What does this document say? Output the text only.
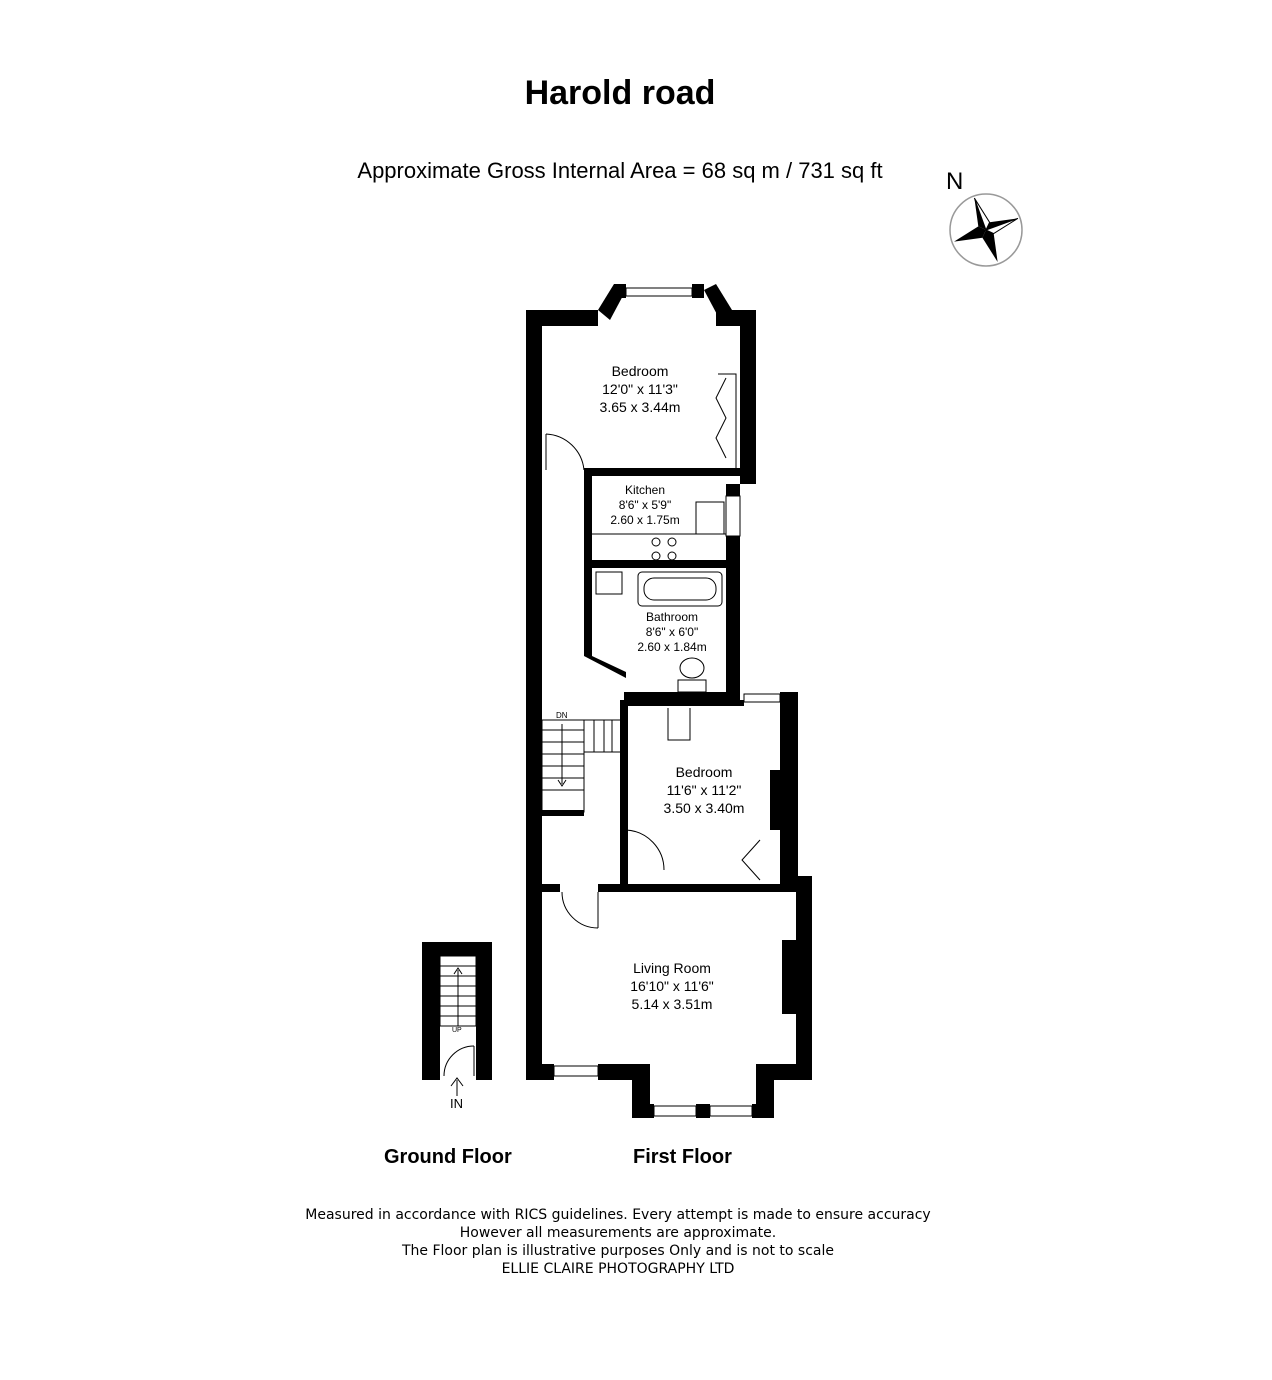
Harold road
Approximate Gross Internal Area = 68 sq m / 731 sq ft	N
Bedroom
12'0" x 11'3"
3.65 x 3.44m
Kitchen
8'6" x 5'9"
2.60 x 1.75m
Bathroom
8'6" x 6'0"
2.60 x 1.84m
Bedroom
11'6" x 11'2"
3.50 x 3.40m
Living Room
16'10" x 11'6"
5.14 x 3.51m
DN
UP
IN
Ground Floor	First Floor
Measured in accordance with RICS guidelines. Every attempt is made to ensure accuracy
However all measurements are approximate.
The Floor plan is illustrative purposes Only and is not to scale
ELLIE CLAIRE PHOTOGRAPHY LTD
